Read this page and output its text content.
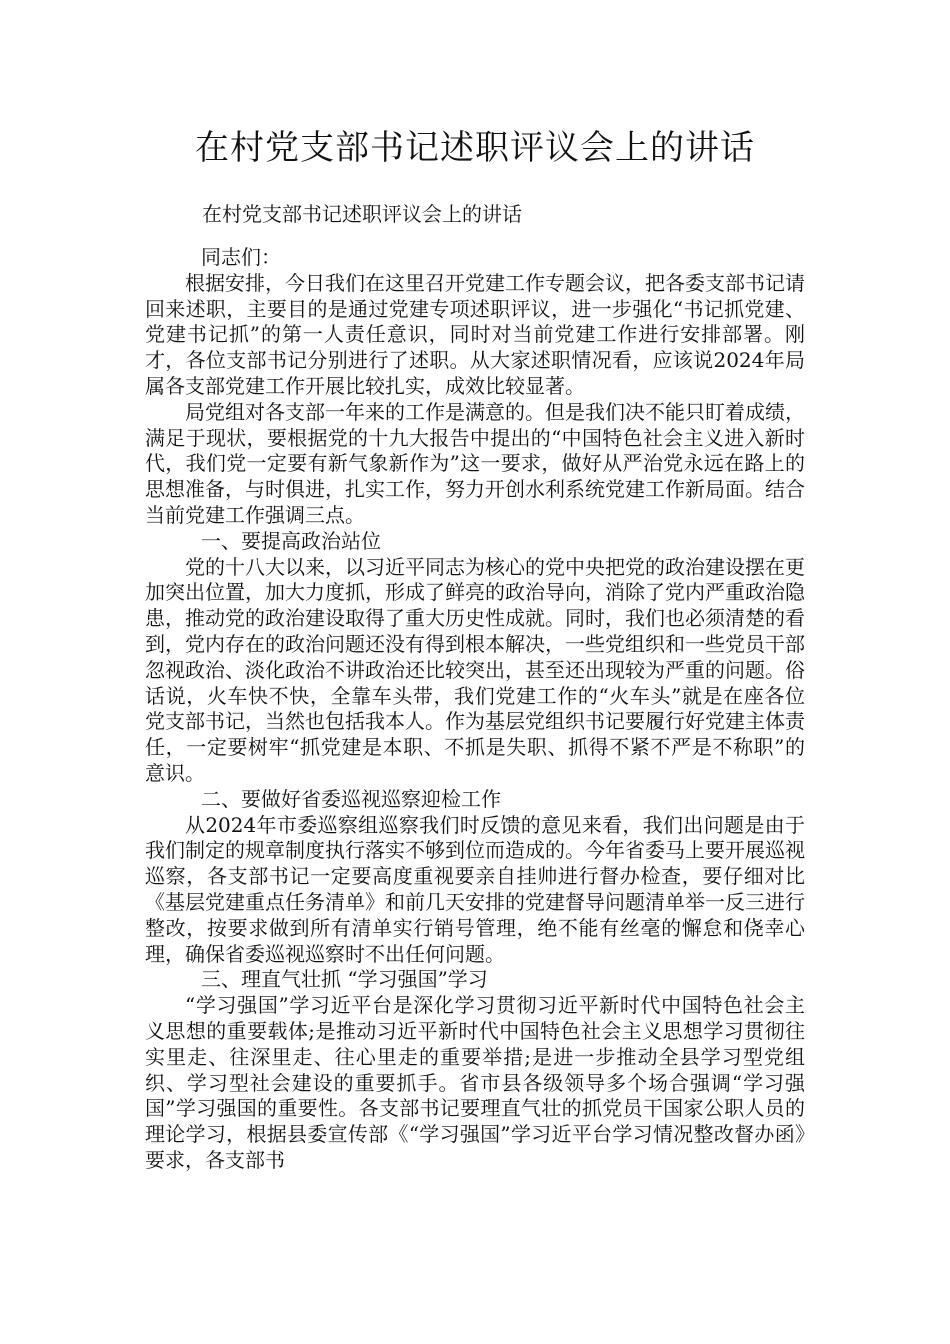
在村党支部书记述职评议会上的讲话

在村党支部书记述职评议会上的讲话

同志们：

根据安排，今日我们在这里召开党建工作专题会议，把各委支部书记请回来述职，主要目的是通过党建专项述职评议，进一步强化“书记抓党建、党建书记抓”的第一人责任意识，同时对当前党建工作进行安排部署。刚才，各位支部书记分别进行了述职。从大家述职情况看，应该说2024年局属各支部党建工作开展比较扎实，成效比较显著。

局党组对各支部一年来的工作是满意的。但是我们决不能只盯着成绩，满足于现状，要根据党的十九大报告中提出的“中国特色社会主义进入新时代，我们党一定要有新气象新作为”这一要求，做好从严治党永远在路上的思想准备，与时俱进，扎实工作，努力开创水利系统党建工作新局面。结合当前党建工作强调三点。

一、要提高政治站位

党的十八大以来，以习近平同志为核心的党中央把党的政治建设摆在更加突出位置，加大力度抓，形成了鲜亮的政治导向，消除了党内严重政治隐患，推动党的政治建设取得了重大历史性成就。同时，我们也必须清楚的看到，党内存在的政治问题还没有得到根本解决，一些党组织和一些党员干部忽视政治、淡化政治不讲政治还比较突出，甚至还出现较为严重的问题。俗话说，火车快不快，全靠车头带，我们党建工作的“火车头”就是在座各位党支部书记，当然也包括我本人。作为基层党组织书记要履行好党建主体责任，一定要树牢“抓党建是本职、不抓是失职、抓得不紧不严是不称职”的意识。

二、要做好省委巡视巡察迎检工作

从2024年市委巡察组巡察我们时反馈的意见来看，我们出问题是由于我们制定的规章制度执行落实不够到位而造成的。今年省委马上要开展巡视巡察，各支部书记一定要高度重视要亲自挂帅进行督办检查，要仔细对比《基层党建重点任务清单》和前几天安排的党建督导问题清单举一反三进行整改，按要求做到所有清单实行销号管理，绝不能有丝毫的懈怠和侥幸心理，确保省委巡视巡察时不出任何问题。

三、理直气壮抓 “学习强国”学习

“学习强国”学习近平台是深化学习贯彻习近平新时代中国特色社会主义思想的重要载体;是推动习近平新时代中国特色社会主义思想学习贯彻往实里走、往深里走、往心里走的重要举措;是进一步推动全县学习型党组织、学习型社会建设的重要抓手。省市县各级领导多个场合强调“学习强国”学习强国的重要性。各支部书记要理直气壮的抓党员干国家公职人员的理论学习，根据县委宣传部《“学习强国”学习近平台学习情况整改督办函》要求，各支部书
